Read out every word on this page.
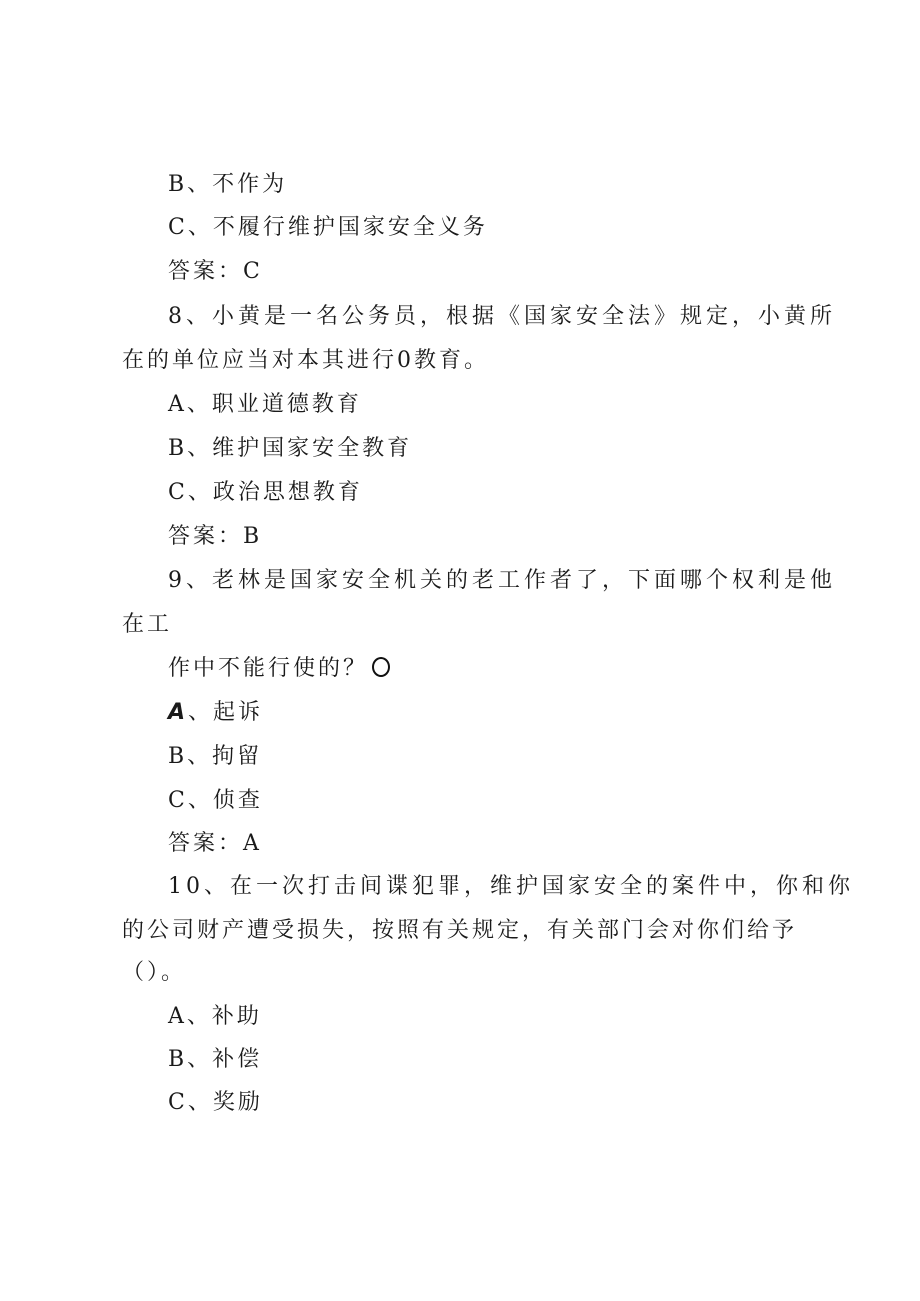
B、不作为
C、不履行维护国家安全义务
答案：C
8、小黄是一名公务员，根据《国家安全法》规定，小黄所
在的单位应当对本其进行0教育。
A、职业道德教育
B、维护国家安全教育
C、政治思想教育
答案：B
9、老林是国家安全机关的老工作者了，下面哪个权利是他
在工
作中不能行使的？
A、起诉
B、拘留
C、侦查
答案：A
10、在一次打击间谍犯罪，维护国家安全的案件中，你和你
的公司财产遭受损失，按照有关规定，有关部门会对你们给予
（）。
A、补助
B、补偿
C、奖励
